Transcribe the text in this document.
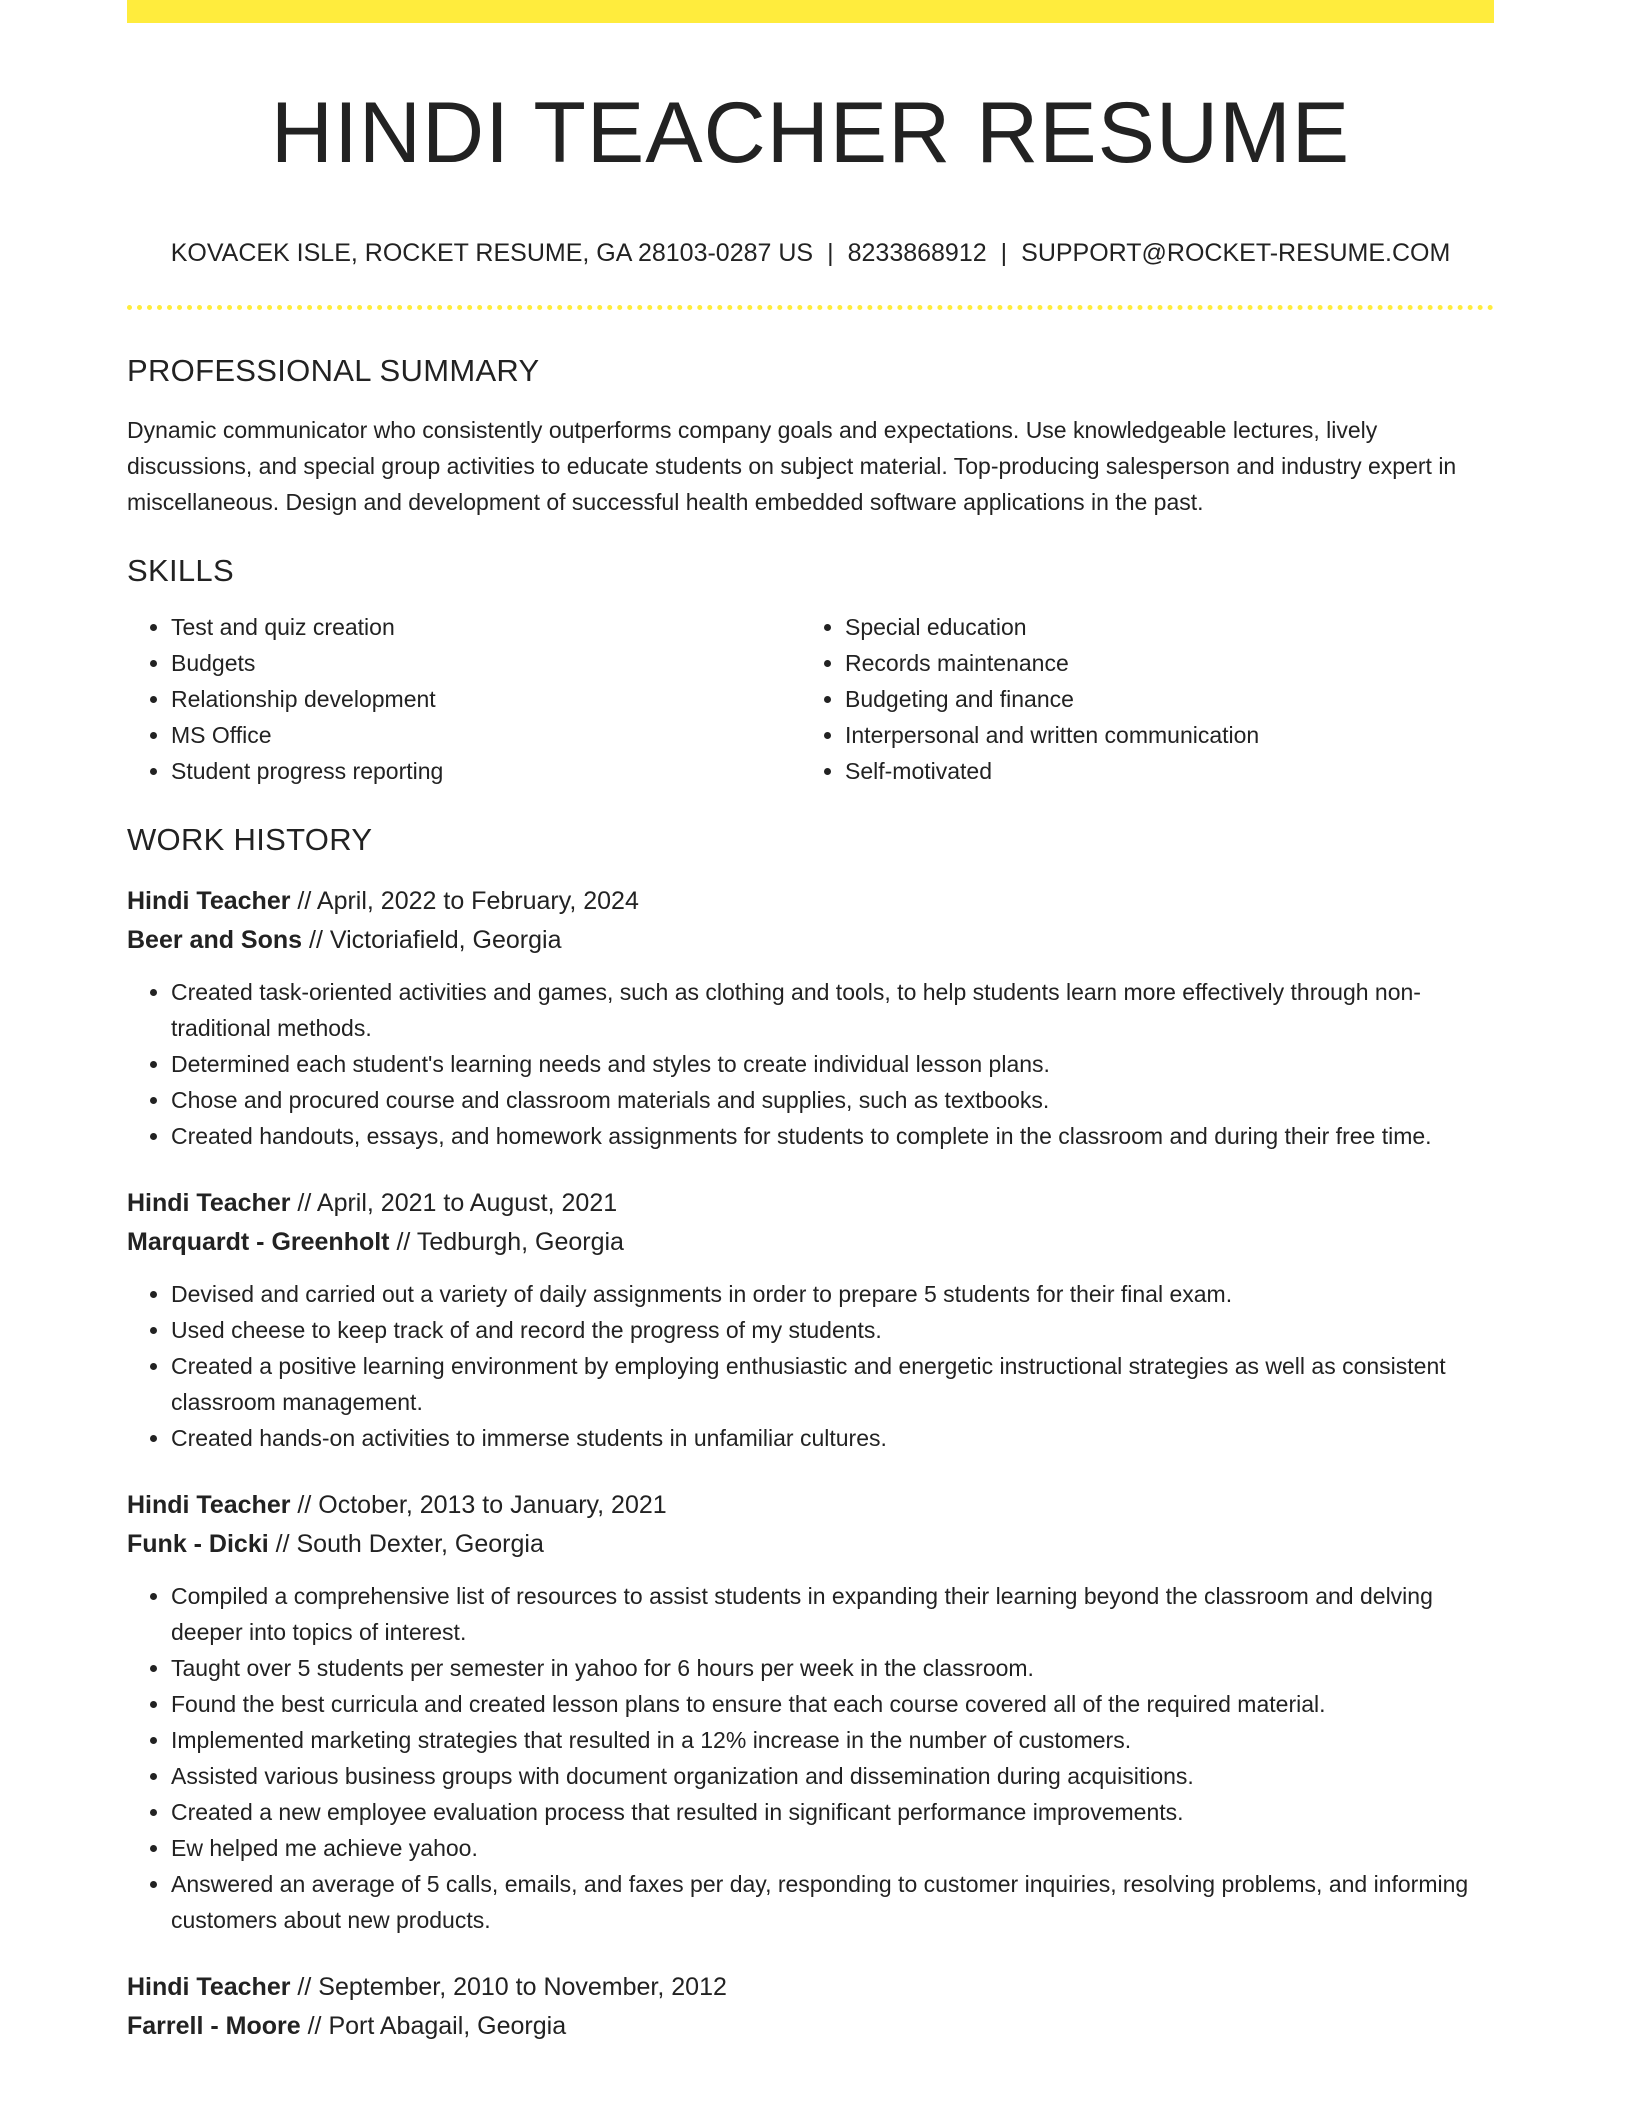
HINDI TEACHER RESUME
KOVACEK ISLE, ROCKET RESUME, GA 28103-0287 US | 8233868912 | SUPPORT@ROCKET-RESUME.COM
PROFESSIONAL SUMMARY

Dynamic communicator who consistently outperforms company goals and expectations. Use knowledgeable lectures, lively discussions, and special group activities to educate students on subject material. Top-producing salesperson and industry expert in miscellaneous. Design and development of successful health embedded software applications in the past.

SKILLS
• Test and quiz creation
• Budgets
• Relationship development
• MS Office
• Student progress reporting
• Special education
• Records maintenance
• Budgeting and finance
• Interpersonal and written communication
• Self-motivated
WORK HISTORY
Hindi Teacher // April, 2022 to February, 2024
Beer and Sons // Victoriafield, Georgia
• Created task-oriented activities and games, such as clothing and tools, to help students learn more effectively through non-traditional methods.
• Determined each student's learning needs and styles to create individual lesson plans.
• Chose and procured course and classroom materials and supplies, such as textbooks.
• Created handouts, essays, and homework assignments for students to complete in the classroom and during their free time.
Hindi Teacher // April, 2021 to August, 2021
Marquardt - Greenholt // Tedburgh, Georgia
• Devised and carried out a variety of daily assignments in order to prepare 5 students for their final exam.
• Used cheese to keep track of and record the progress of my students.
• Created a positive learning environment by employing enthusiastic and energetic instructional strategies as well as consistent classroom management.
• Created hands-on activities to immerse students in unfamiliar cultures.
Hindi Teacher // October, 2013 to January, 2021
Funk - Dicki // South Dexter, Georgia
• Compiled a comprehensive list of resources to assist students in expanding their learning beyond the classroom and delving deeper into topics of interest.
• Taught over 5 students per semester in yahoo for 6 hours per week in the classroom.
• Found the best curricula and created lesson plans to ensure that each course covered all of the required material.
• Implemented marketing strategies that resulted in a 12% increase in the number of customers.
• Assisted various business groups with document organization and dissemination during acquisitions.
• Created a new employee evaluation process that resulted in significant performance improvements.
• Ew helped me achieve yahoo.
• Answered an average of 5 calls, emails, and faxes per day, responding to customer inquiries, resolving problems, and informing customers about new products.
Hindi Teacher // September, 2010 to November, 2012
Farrell - Moore // Port Abagail, Georgia
